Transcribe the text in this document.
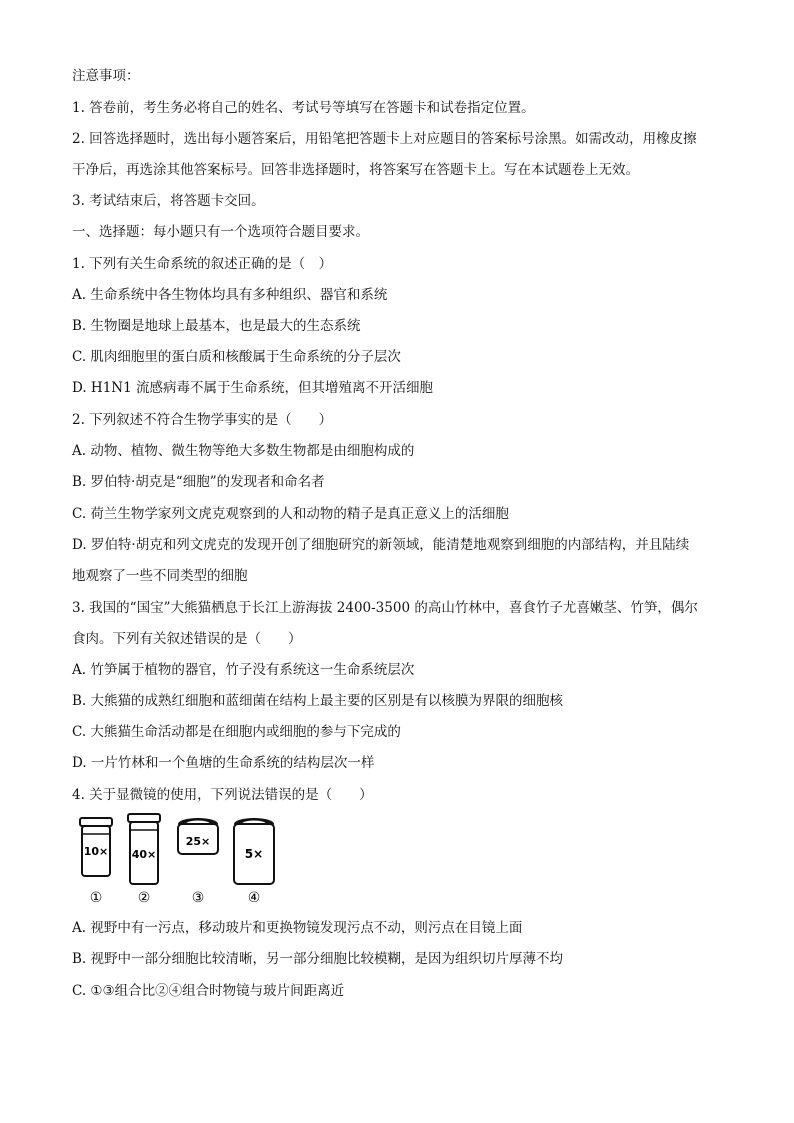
注意事项：
1. 答卷前，考生务必将自己的姓名、考试号等填写在答题卡和试卷指定位置。
2. 回答选择题时，选出每小题答案后，用铅笔把答题卡上对应题目的答案标号涂黑。如需改动，用橡皮擦
干净后，再选涂其他答案标号。回答非选择题时，将答案写在答题卡上。写在本试题卷上无效。
3. 考试结束后，将答题卡交回。
一、选择题：每小题只有一个选项符合题目要求。
1. 下列有关生命系统的叙述正确的是（　）
A. 生命系统中各生物体均具有多种组织、器官和系统
B. 生物圈是地球上最基本，也是最大的生态系统
C. 肌肉细胞里的蛋白质和核酸属于生命系统的分子层次
D. H1N1 流感病毒不属于生命系统，但其增殖离不开活细胞
2. 下列叙述不符合生物学事实的是（　　）
A. 动物、植物、微生物等绝大多数生物都是由细胞构成的
B. 罗伯特·胡克是“细胞”的发现者和命名者
C. 荷兰生物学家列文虎克观察到的人和动物的精子是真正意义上的活细胞
D. 罗伯特·胡克和列文虎克的发现开创了细胞研究的新领域，能清楚地观察到细胞的内部结构，并且陆续
地观察了一些不同类型的细胞
3. 我国的“国宝”大熊猫栖息于长江上游海拔 2400-3500 的高山竹林中，喜食竹子尤喜嫩茎、竹笋，偶尔
食肉。下列有关叙述错误的是（　　）
A. 竹笋属于植物的器官，竹子没有系统这一生命系统层次
B. 大熊猫的成熟红细胞和蓝细菌在结构上最主要的区别是有以核膜为界限的细胞核
C. 大熊猫生命活动都是在细胞内或细胞的参与下完成的
D. 一片竹林和一个鱼塘的生命系统的结构层次一样
4. 关于显微镜的使用，下列说法错误的是（　　）
10×
①
40×
②
25×
③
5×
④
A. 视野中有一污点，移动玻片和更换物镜发现污点不动，则污点在目镜上面
B. 视野中一部分细胞比较清晰，另一部分细胞比较模糊，是因为组织切片厚薄不均
C. ①③组合比②④组合时物镜与玻片间距离近
